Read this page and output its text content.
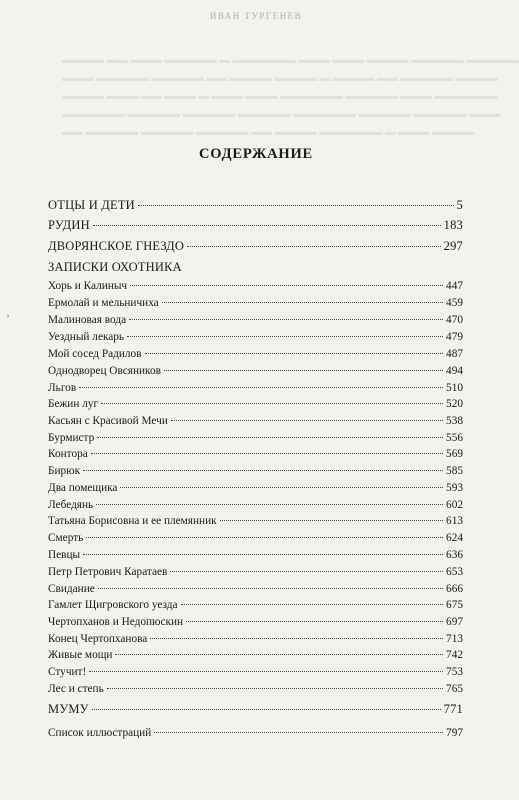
ИВАН ТУРГЕНЕВ
▬▬▬▬ ▬▬ ▬▬▬ ▬▬▬▬▬ ▬ ▬▬▬▬▬▬ ▬▬▬ ▬▬▬ ▬▬▬▬ ▬▬▬▬▬ ▬▬▬▬▬
▬▬▬ ▬▬▬▬▬ ▬▬▬▬▬ ▬▬ ▬▬▬▬ ▬▬▬▬ ▬ ▬▬▬▬ ▬▬ ▬▬▬▬▬ ▬▬▬▬
▬▬▬▬ ▬▬▬ ▬▬ ▬▬▬ ▬ ▬▬▬ ▬▬▬ ▬▬▬▬▬▬ ▬▬▬▬▬ ▬▬▬ ▬▬▬▬▬▬
▬▬▬▬▬▬ ▬▬▬▬▬ ▬▬▬▬▬ ▬▬▬▬▬ ▬▬▬▬▬▬ ▬▬▬▬▬ ▬▬▬▬▬ ▬▬▬
▬▬ ▬▬▬▬▬ ▬▬▬▬▬ ▬▬▬▬▬ ▬▬ ▬▬▬▬ ▬▬▬▬▬▬ ▬ ▬▬▬ ▬▬▬▬
СОДЕРЖАНИЕ
ОТЦЫ И ДЕТИ	5
РУДИН	183
ДВОРЯНСКОЕ ГНЕЗДО	297
ЗАПИСКИ ОХОТНИКА
Хорь и Калиныч	447
Ермолай и мельничиха	459
Малиновая вода	470
Уездный лекарь	479
Мой сосед Радилов	487
Однодворец Овсяников	494
Льгов	510
Бежин луг	520
Касьян с Красивой Мечи	538
Бурмистр	556
Контора	569
Бирюк	585
Два помещика	593
Лебедянь	602
Татьяна Борисовна и ее племянник	613
Смерть	624
Певцы	636
Петр Петрович Каратаев	653
Свидание	666
Гамлет Щигровского уезда	675
Чертопханов и Недопюскин	697
Конец Чертопханова	713
Живые мощи	742
Стучит!	753
Лес и степь	765
МУМУ	771
Список иллюстраций	797
ʼ
